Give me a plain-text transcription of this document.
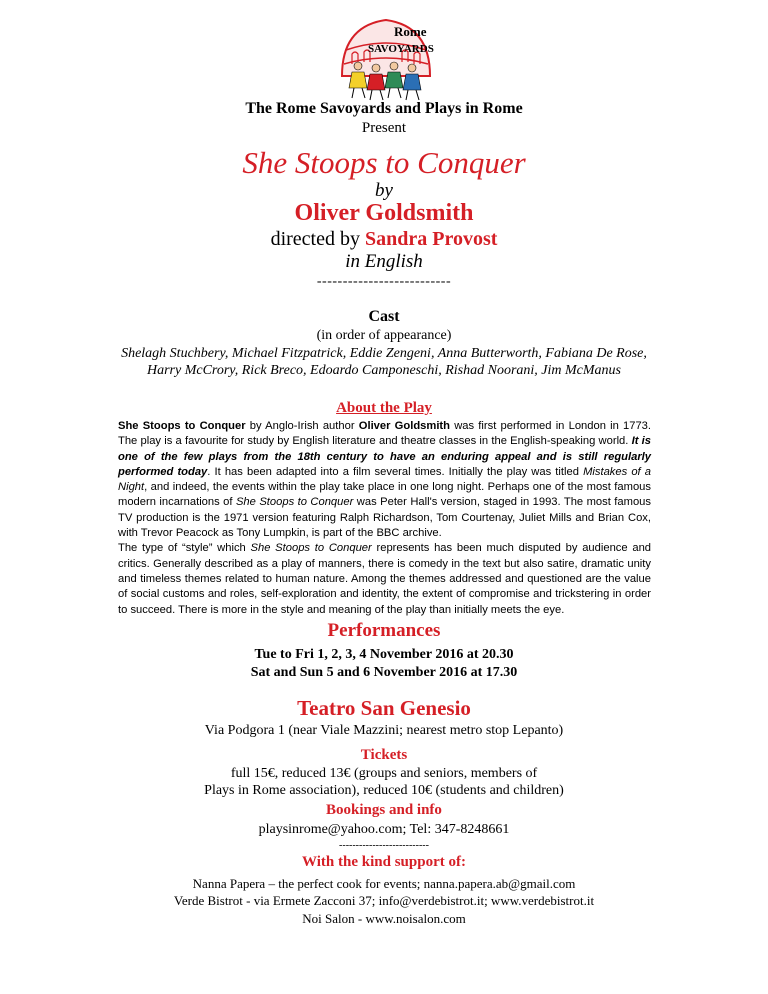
Rome
SAVOYARDS
The Rome Savoyards and Plays in Rome
Present
She Stoops to Conquer
by
Oliver Goldsmith
directed by Sandra Provost
in English
--------------------------
Cast
(in order of appearance)
Shelagh Stuchbery, Michael Fitzpatrick, Eddie Zengeni, Anna Butterworth, Fabiana De Rose,
Harry McCrory, Rick Breco, Edoardo Camponeschi, Rishad Noorani, Jim McManus
About the Play

She Stoops to Conquer by Anglo-Irish author Oliver Goldsmith was first performed in London in 1773. The play is a favourite for study by English literature and theatre classes in the English-speaking world. It is one of the few plays from the 18th century to have an enduring appeal and is still regularly performed today. It has been adapted into a film several times. Initially the play was titled Mistakes of a Night, and indeed, the events within the play take place in one long night. Perhaps one of the most famous modern incarnations of She Stoops to Conquer was Peter Hall's version, staged in 1993. The most famous TV production is the 1971 version featuring Ralph Richardson, Tom Courtenay, Juliet Mills and Brian Cox, with Trevor Peacock as Tony Lumpkin, is part of the BBC archive.

The type of “style” which She Stoops to Conquer represents has been much disputed by audience and critics. Generally described as a play of manners, there is comedy in the text but also satire, dramatic unity and timeless themes related to human nature. Among the themes addressed and questioned are the value of social customs and roles, self-exploration and identity, the extent of compromise and trickstering in order to succeed. There is more in the style and meaning of the play than initially meets the eye.

Performances
Tue to Fri 1, 2, 3, 4 November 2016 at 20.30
Sat and Sun 5 and 6 November 2016 at 17.30
Teatro San Genesio
Via Podgora 1 (near Viale Mazzini; nearest metro stop Lepanto)
Tickets
full 15€, reduced 13€ (groups and seniors, members of
Plays in Rome association), reduced 10€ (students and children)
Bookings and info
playsinrome@yahoo.com; Tel: 347-8248661
---------------------------
With the kind support of:
Nanna Papera – the perfect cook for events; nanna.papera.ab@gmail.com
Verde Bistrot - via Ermete Zacconi 37; info@verdebistrot.it; www.verdebistrot.it
Noi Salon - www.noisalon.com
